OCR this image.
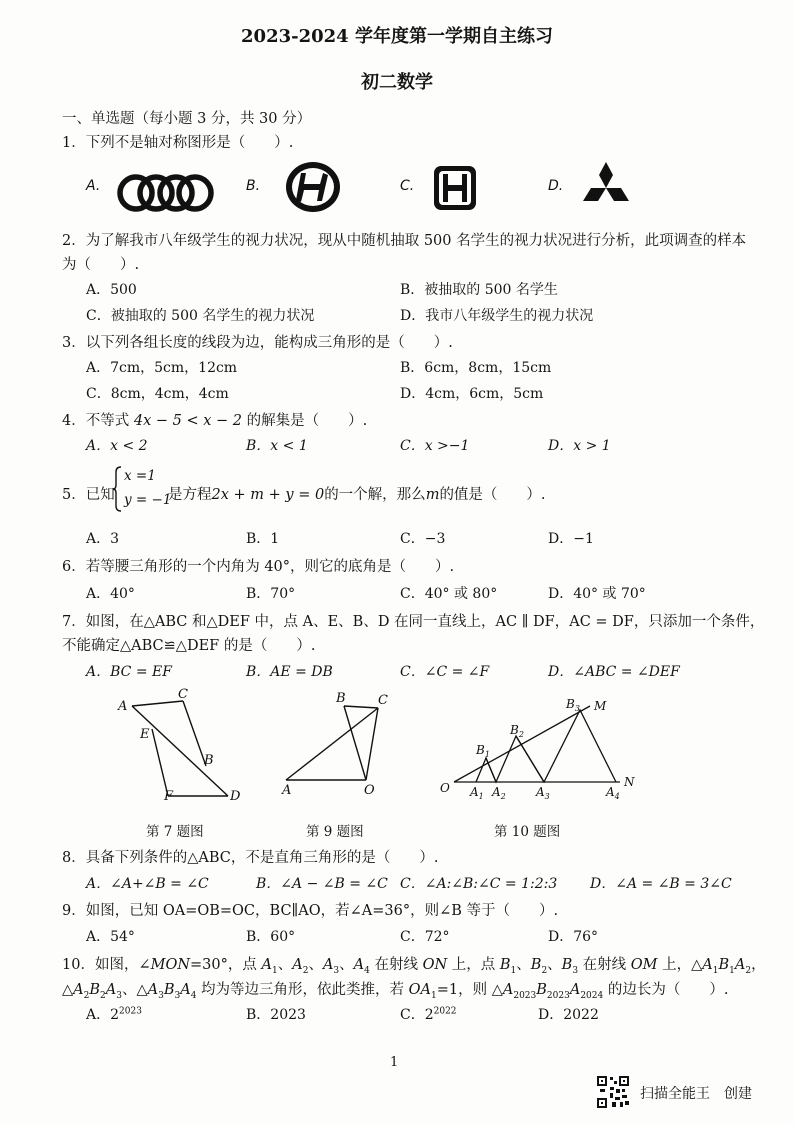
2023-2024 学年度第一学期自主练习
初二数学
一、单选题（每小题 3 分，共 30 分）
1．下列不是轴对称图形是（　　）.
A.	B.	C.	D.
2．为了解我市八年级学生的视力状况，现从中随机抽取 500 名学生的视力状况进行分析，此项调查的样本
为（　　）.
A．500	B．被抽取的 500 名学生
C．被抽取的 500 名学生的视力状况	D．我市八年级学生的视力状况
3．以下列各组长度的线段为边，能构成三角形的是（　　）.
A．7cm，5cm，12cm	B．6cm，8cm，15cm
C．8cm，4cm，4cm	D．4cm，6cm，5cm
4．不等式 4x − 5 < x − 2 的解集是（　　）.
A．x < 2	B．x < 1	C．x >−1	D．x > 1
5．已知
x =1
y = −1
是方程2x + m + y = 0的一个解，那么m的值是（　　）.
A．3	B．1	C．−3	D．−1
6．若等腰三角形的一个内角为 40°，则它的底角是（　　）.
A．40°	B．70°	C．40° 或 80°	D．40° 或 70°
7．如图，在△ABC 和△DEF 中，点 A、E、B、D 在同一直线上，AC ∥ DF，AC = DF，只添加一个条件，
不能确定△ABC≌△DEF 的是（　　）.
A．BC = EF	B．AE = DB	C．∠C = ∠F	D．∠ABC = ∠DEF
A
C
E
B
F	D
B C
A	O	O $A_1$ $A_2$	$A_3$	$A_4$
$B_1$
$B_2$
$B_3$ M
N
第 7 题图	第 9 题图	第 10 题图
8．具备下列条件的△ABC，不是直角三角形的是（　　）.
A．∠A+∠B = ∠C	B．∠A − ∠B = ∠C C．∠A:∠B:∠C = 1:2:3 D．∠A = ∠B = 3∠C
9．如图，已知 OA=OB=OC，BC∥AO，若∠A=36°，则∠B 等于（　　）.
A．54°	B．60°	C．72°	D．76°
10．如图，∠MON=30°，点 $A_1$、$A_2$、$A_3$、$A_4$ 在射线 ON 上，点 $B_1$、$B_2$、$B_3$ 在射线 OM 上，$\triangle A_1B_1A_2$，
$\triangle A_2B_2A_3$、$\triangle A_3B_3A_4$ 均为等边三角形，依此类推，若 $OA_1=1$，则 $\triangle A_{2023}B_{2023}A_{2024}$ 的边长为（　　）.
A．$2^{2023}$	B．2023	C．$2^{2022}$	D．2022
1
扫描全能王　创建
